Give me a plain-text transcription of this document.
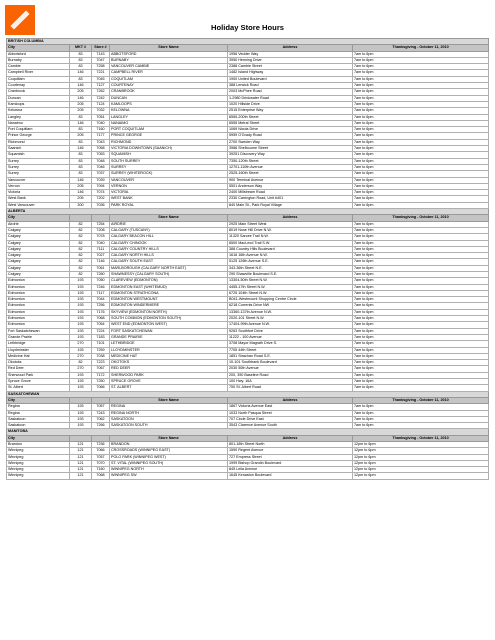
Holiday Store Hours
BRITISH COLUMBIA					
City	MKT #	Store #	Store Name	Address	Thanksgiving - October 11, 2010
Abbotsford	83	7143	ABBOTSFORD	1956 Vedder Way	7am to 6pm
Burnaby	83	7047	BURNABY	3950 Henning Drive	7am to 6pm
Cambie	83	7258	VANCOUVER CAMBIE	2388 Cambie Street	7am to 6pm
Campbell River	146	7221	CAMPBELL RIVER	1482 Island Highway	7am to 6pm
Coquitlam	83	7045	COQUITLAM	1900 United Boulevard	7am to 6pm
Courtenay	146	7127	COURTENAY	388 Lerwick Road	7am to 6pm
Cranbrook	205	7262	CRANBROOK	2003 McPhee Road	7am to 6pm
Duncan	146	7242	DUNCAN	1-2980 Drinkwater Road	7am to 6pm
Kamloops	205	7124	KAMLOOPS	1020 Hillside Drive	7am to 6pm
Kelowna	205	7032	KELOWNA	2515 Enterprise Way	7am to 6pm
Langley	83	7051	LANGLEY	6550-200th Street	7am to 6pm
Nanaimo	146	7040	NANAIMO	6555 Metral Street	7am to 6pm
Port Coquitlam	83	7160	PORT COQUITLAM	1069 Nicola Drive	7am to 6pm
Prince George	205	7177	PRINCE GEORGE	5959 O'Grady Road	7am to 6pm
Richmond	83	7043	RICHMOND	2700 Sweden Way	7am to 6pm
Saanich	146	7058	VICTORIA DOWNTOWN (SAANICH)	3986 Shelbourne Street	7am to 6pm
Squamish	83	7053	SQUAMISH	39251 Discovery Way	7am to 6pm
Surrey	83	7048	SOUTH SURREY	7350-120th Street	7am to 6pm
Surrey	83	7046	SURREY	12701-110th Avenue	7am to 6pm
Surrey	83	7037	SURREY (WHITEROCK)	2525-160th Street	7am to 6pm
Vancouver	146	7039	VANCOUVER	900 Terminal Avenue	7am to 6pm
Vernon	205	7094	VERNON	5501 Anderson Way	7am to 6pm
Victoria	146	7074	VICTORIA	2400 Millstream Road	7am to 6pm
West Bank	205	7202	WEST BANK	2330 Carrington Road, Unit #401	7am to 6pm
West Vancouver	300	7036	PARK ROYAL	840 Main St., Park Royal Village	7am to 6pm
ALBERTA					
City			Store Name	Address	Thanksgiving - October 11, 2010
Airdrie	82	7254	AIRDRIE	2925 Main Street West	7am to 6pm
Calgary	82	7208	CALGARY (TUSCANY)	8019 Nose Hill Drive N.W.	7am to 6pm
Calgary	82	7078	CALGARY BEACON HILL	11320 Sarcee Trail N.W.	7am to 6pm
Calgary	82	7040	CALGARY CHINOOK	6500 MacLeod Trail S.W.	7am to 6pm
Calgary	82	7111	CALGARY COUNTRY HILLS	388 Country Hills Boulevard	7am to 6pm
Calgary	82	7027	CALGARY NORTH HILLS	1616 16th Avenue N.W.	7am to 6pm
Calgary	82	7146	CALGARY SOUTH EAST	5125 126th Avenue S.E.	7am to 6pm
Calgary	82	7061	MARLBOROUGH (CALGARY NORTH EAST)	343-36th Street N.E.	7am to 6pm
Calgary	82	7260	SHAWNESSY (CALGARY SOUTH)	290 Shawville Boulevard S.E.	7am to 6pm
Edmonton	193	7050	CLAREVIEW (EDMONTON)	13304-50th Street N.W.	7am to 6pm
Edmonton	193	7246	EDMONTON EAST (WHITEMUD)	4455-17th Street N.W.	7am to 6pm
Edmonton	193	7117	EDMONTON STRATHCONA	6725 104th Street N.W.	7am to 6pm
Edmonton	193	7044	EDMONTON WESTMOUNT	B041-Westmount Shopping Centre Circle	7am to 6pm
Edmonton	193	7256	EDMONTON WINDERMERE	6218 Currents Drive NW	7am to 6pm
Edmonton	193	7176	SKYVIEW (EDMONTON NORTH)	13360-137th Avenue N.W.	7am to 6pm
Edmonton	193	7068	SOUTH COMMON (EDMONTON SOUTH)	2020-101 Street N.W.	7am to 6pm
Edmonton	193	7054	WEST END (EDMONTON WEST)	17404-99th Avenue N.W.	7am to 6pm
Fort Saskatchewan	193	7224	FORT SASKATCHEWAN	9263 Southfort Drive	7am to 6pm
Grande Prairie	193	7183	GRANDE PRAIRIE	11222 - 100 Avenue	7am to 6pm
Lethbridge	270	7101	LETHBRIDGE	3708 Mayor Magrath Drive S.	7am to 6pm
Lloydminster	193	7259	LLOYDMINSTER	7705 44th Street	7am to 6pm
Medicine Hat	270	7038	MEDICINE HAT	1851 Strachan Road S.E.	7am to 6pm
Okotoks	82	7223	OKOTOKS	10-101 Southbank Boulevard	7am to 6pm
Red Deer	270	7067	RED DEER	2030 50th Avenue	7am to 6pm
Sherwood Park	193	7172	SHERWOOD PARK	200, 390 Baseline Road	7am to 6pm
Spruce Grove	193	7250	SPRUCE GROVE	100 Hwy. 16A	7am to 6pm
St. Albert	193	7066	ST. ALBERT	750 St. Albert Road	7am to 6pm
SASKATCHEWAN					
City			Store Name	Address	Thanksgiving - October 11, 2010
Regina	193	7057	REGINA	1867 Victoria Avenue East	7am to 6pm
Regina	193	7243	REGINA NORTH	1033 North Pasqua Street	7am to 6pm
Saskatoon	193	7062	SASKATOON	707 Circle Drive East	7am to 6pm
Saskatoon	193	7266	SASKATOON SOUTH	3543 Clarence Avenue South	7am to 6pm
MANITOBA					
City			Store Name	Address	Thanksgiving - October 11, 2010
Brandon	121	7236	BRANDON	801-18th Street North	12pm to 6pm
Winnipeg	121	7066	CROSSROADS (WINNIPEG EAST)	1590 Regent Avenue	12pm to 6pm
Winnipeg	121	7057	POLO PARK (WINNIPEG WEST)	727 Empress Street	12pm to 6pm
Winnipeg	121	7070	ST. VITAL (WINNIPEG SOUTH)	1999 Bishop Grandin Boulevard	12pm to 6pm
Winnipeg	121	7160	WINNIPEG NORTH	845 Leila Avenue	12pm to 6pm
Winnipeg	121	7068	WINNIPEG SW	1645 Kenaston Boulevard	12pm to 6pm
